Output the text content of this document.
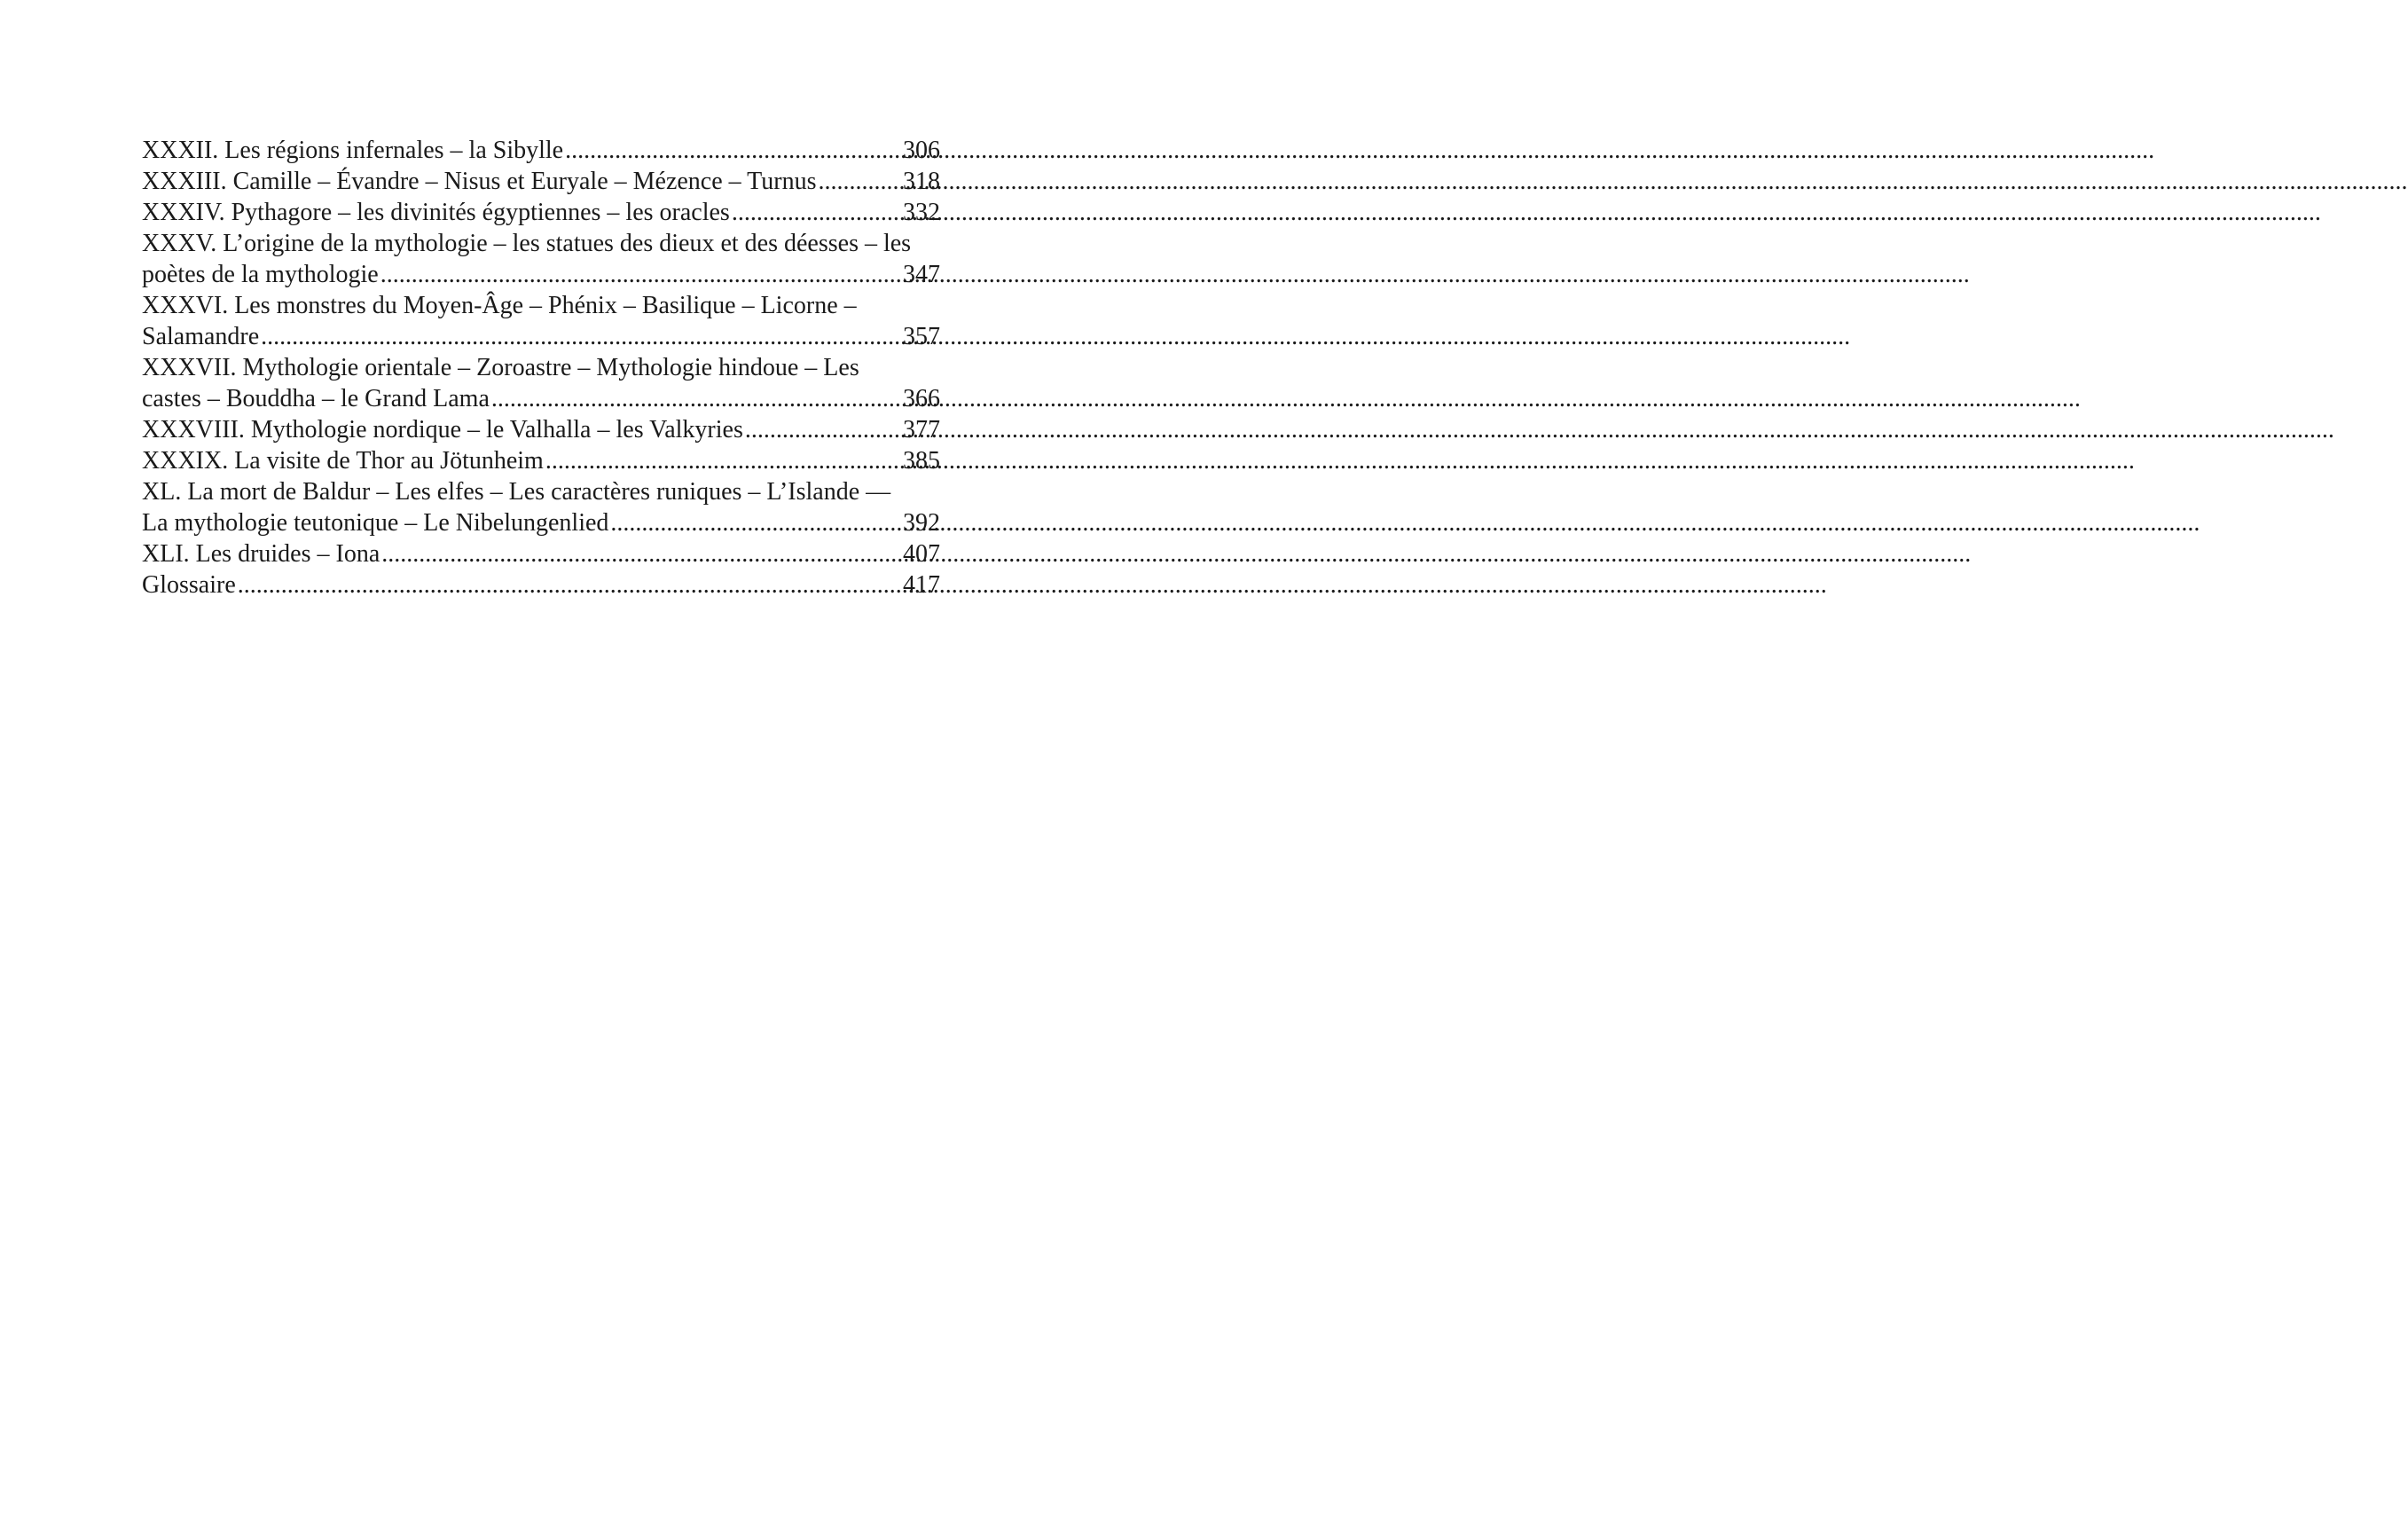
XXXII. Les régions infernales – la Sibylle .....	306
XXXIII. Camille – Évandre – Nisus et Euryale – Mézence – Turnus .....	318
XXXIV. Pythagore – les divinités égyptiennes – les oracles .....	332
XXXV. L’origine de la mythologie – les statues des dieux et des déesses – les
poètes de la mythologie .....	347
XXXVI. Les monstres du Moyen-Âge – Phénix – Basilique – Licorne –
Salamandre .....	357
XXXVII. Mythologie orientale – Zoroastre – Mythologie hindoue – Les
castes – Bouddha – le Grand Lama .....	366
XXXVIII. Mythologie nordique – le Valhalla – les Valkyries .....	377
XXXIX. La visite de Thor au Jötunheim .....	385
XL. La mort de Baldur – Les elfes – Les caractères runiques – L’Islande —
La mythologie teutonique – Le Nibelungenlied .....	392
XLI. Les druides – Iona .....	407
Glossaire .....	417
